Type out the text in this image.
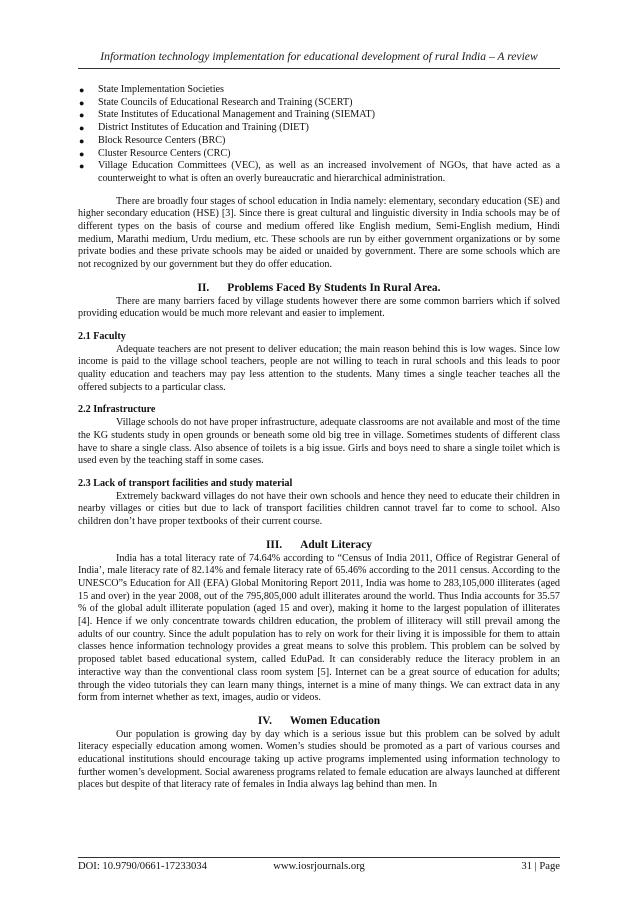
Information technology implementation for educational development of rural India – A review
● State Implementation Societies
● State Councils of Educational Research and Training (SCERT)
● State Institutes of Educational Management and Training (SIEMAT)
● District Institutes of Education and Training (DIET)
● Block Resource Centers (BRC)
● Cluster Resource Centers (CRC)
● Village Education Committees (VEC), as well as an increased involvement of NGOs, that have acted as a counterweight to what is often an overly bureaucratic and hierarchical administration.

There are broadly four stages of school education in India namely: elementary, secondary education (SE) and higher secondary education (HSE) [3]. Since there is great cultural and linguistic diversity in India schools may be of different types on the basis of course and medium offered like English medium, Semi-English medium, Hindi medium, Marathi medium, Urdu medium, etc. These schools are run by either government organizations or by some private bodies and these private schools may be aided or unaided by government. There are some schools which are not recognized by our government but they do offer education.

II. Problems Faced By Students In Rural Area.

There are many barriers faced by village students however there are some common barriers which if solved providing education would be much more relevant and easier to implement.

2.1 Faculty

Adequate teachers are not present to deliver education; the main reason behind this is low wages. Since low income is paid to the village school teachers, people are not willing to teach in rural schools and this leads to poor quality education and teachers may pay less attention to the students. Many times a single teacher teaches all the offered subjects to a particular class.

2.2 Infrastructure

Village schools do not have proper infrastructure, adequate classrooms are not available and most of the time the KG students study in open grounds or beneath some old big tree in village. Sometimes students of different class have to share a single class. Also absence of toilets is a big issue. Girls and boys need to share a single toilet which is used even by the teaching staff in some cases.

2.3 Lack of transport facilities and study material

Extremely backward villages do not have their own schools and hence they need to educate their children in nearby villages or cities but due to lack of transport facilities children cannot travel far to come to school. Also children don’t have proper textbooks of their current course.

III. Adult Literacy

India has a total literacy rate of 74.64% according to “Census of India 2011, Office of Registrar General of India’, male literacy rate of 82.14% and female literacy rate of 65.46% according to the 2011 census. According to the UNESCO”s Education for All (EFA) Global Monitoring Report 2011, India was home to 283,105,000 illiterates (aged 15 and over) in the year 2008, out of the 795,805,000 adult illiterates around the world. Thus India accounts for 35.57 % of the global adult illiterate population (aged 15 and over), making it home to the largest population of illiterates [4]. Hence if we only concentrate towards children education, the problem of illiteracy will still prevail among the adults of our country. Since the adult population has to rely on work for their living it is impossible for them to attain classes hence information technology provides a great means to solve this problem. This problem can be solved by proposed tablet based educational system, called EduPad. It can considerably reduce the literacy problem in an interactive way than the conventional class room system [5]. Internet can be a great source of education for adults; through the video tutorials they can learn many things, internet is a mine of many things. We can extract data in any form from internet whether as text, images, audio or videos.

IV. Women Education

Our population is growing day by day which is a serious issue but this problem can be solved by adult literacy especially education among women. Women’s studies should be promoted as a part of various courses and educational institutions should encourage taking up active programs implemented using information technology to further women’s development. Social awareness programs related to female education are always launched at different places but despite of that literacy rate of females in India always lag behind than men. In

DOI: 10.9790/0661-17233034	www.iosrjournals.org	31 | Page
